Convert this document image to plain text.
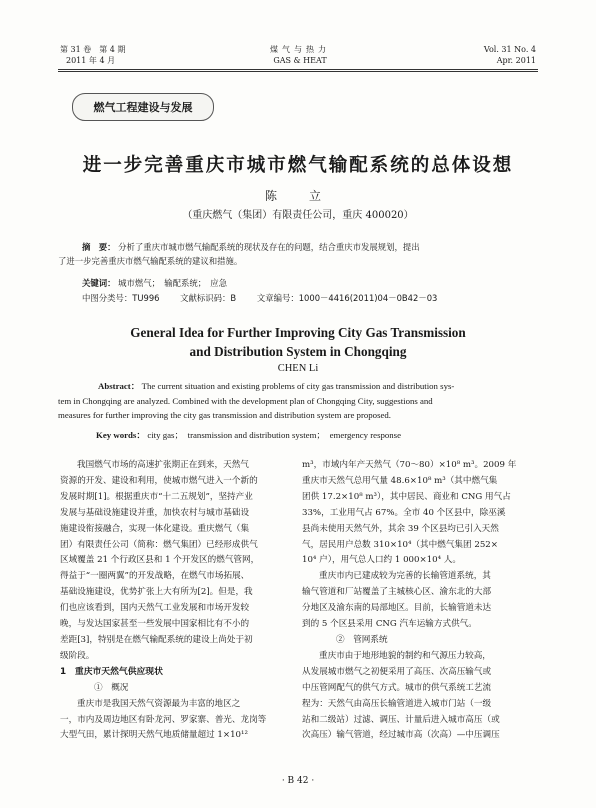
第 31 卷　第 4 期
2011 年 4 月
煤气与热力
GAS & HEAT
Vol. 31 No. 4
Apr. 2011
燃气工程建设与发展
进一步完善重庆市城市燃气输配系统的总体设想
陈　立
（重庆燃气（集团）有限责任公司，重庆 400020）

摘　要： 分析了重庆市城市燃气输配系统的现状及存在的问题，结合重庆市发展规划，提出

了进一步完善重庆市燃气输配系统的建议和措施。

关键词： 城市燃气；　输配系统；　应急
中图分类号：TU996 文献标识码：B 文章编号：1000－4416(2011)04－0B42－03
General Idea for Further Improving City Gas Transmission
and Distribution System in Chongqing
CHEN Li

Abstract： The current situation and existing problems of city gas transmission and distribution sys-

tem in Chongqing are analyzed. Combined with the development plan of Chongqing City, suggestions and

measures for further improving the city gas transmission and distribution system are proposed.

Key words： city gas；　transmission and distribution system；　emergency response

我国燃气市场的高速扩张期正在到来，天然气

资源的开发、建设和利用，使城市燃气进入一个新的

发展时期[1]。根据重庆市“十二五规划”，坚持产业

发展与基础设施建设并重，加快农村与城市基础设

施建设衔接融合，实现一体化建设。重庆燃气（集

团）有限责任公司（简称：燃气集团）已经形成供气

区域覆盖 21 个行政区县和 1 个开发区的燃气管网，

得益于“一圈两翼”的开发战略，在燃气市场拓展、

基础设施建设，优势扩张上大有所为[2]。但是，我

们也应该看到，国内天然气工业发展和市场开发较

晚，与发达国家甚至一些发展中国家相比有不小的

差距[3]，特别是在燃气输配系统的建设上尚处于初

级阶段。

1　重庆市天然气供应现状
①　概况

重庆市是我国天然气资源最为丰富的地区之

一，市内及周边地区有卧龙河、罗家寨、普光、龙岗等

大型气田，累计探明天然气地质储量超过 1×10¹²

m³，市域内年产天然气（70～80）×10⁸ m³。2009 年

重庆市天然气总用气量 48.6×10⁸ m³（其中燃气集

团供 17.2×10⁸ m³），其中居民、商业和 CNG 用气占

33%，工业用气占 67%。全市 40 个区县中，除巫溪

县尚未使用天然气外，其余 39 个区县均已引入天然

气，居民用户总数 310×10⁴（其中燃气集团 252×

10⁴ 户），用气总人口约 1 000×10⁴ 人。

重庆市内已建成较为完善的长输管道系统，其

输气管道和厂站覆盖了主城核心区、渝东北的大部

分地区及渝东南的局部地区。目前，长输管道未达

到的 5 个区县采用 CNG 汽车运输方式供气。

②　管网系统

重庆市由于地形地貌的制约和气源压力较高，

从发展城市燃气之初便采用了高压、次高压输气或

中压管网配气的供气方式。城市的供气系统工艺流

程为：天然气由高压长输管道进入城市门站（一级

站和二级站）过滤、调压、计量后进入城市高压（或

次高压）输气管道，经过城市高（次高）—中压调压

· B 42 ·
